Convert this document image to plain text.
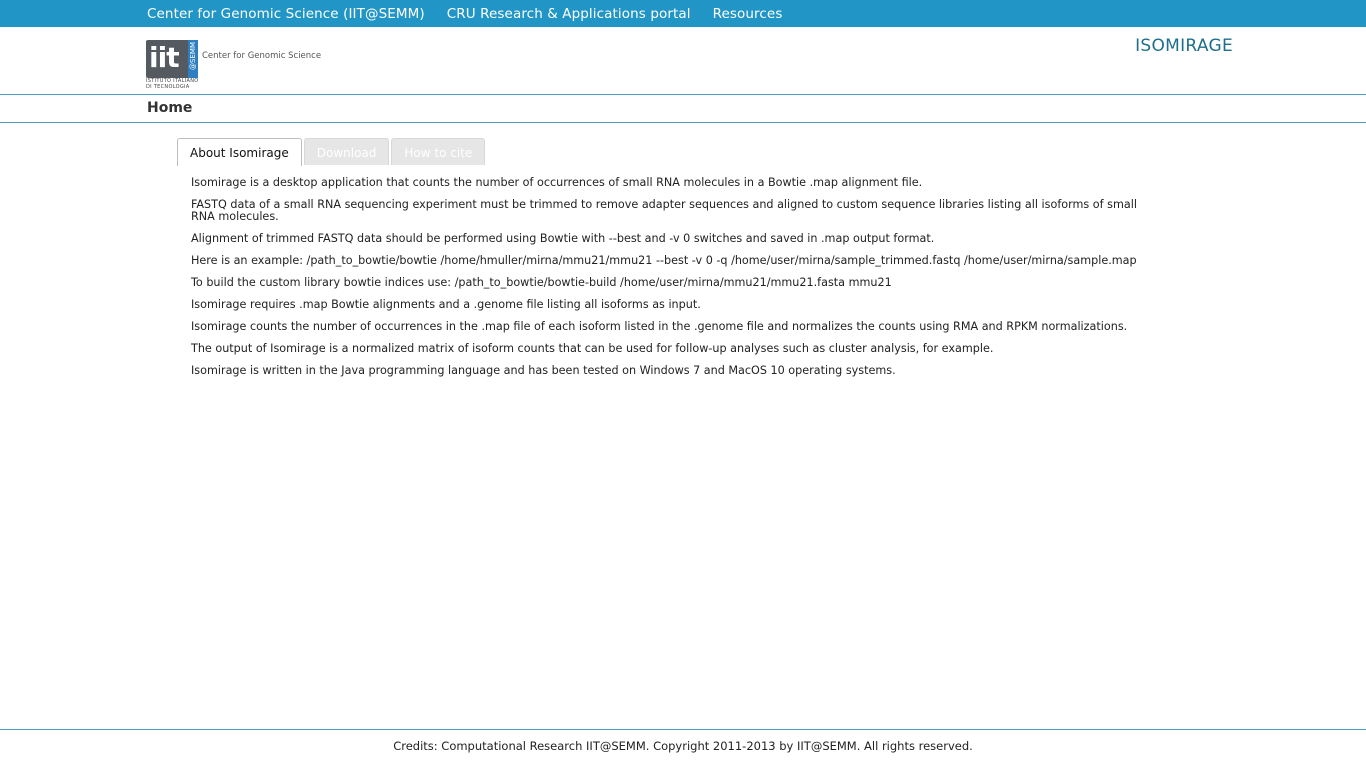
Center for Genomic Science (IIT@SEMM) CRU Research & Applications portal Resources
iit @SEMM
ISTITUTO ITALIANO DI TECNOLOGIA
Center for Genomic Science	ISOMIRAGE
Home
About Isomirage	Download	How to cite

Isomirage is a desktop application that counts the number of occurrences of small RNA molecules in a Bowtie .map alignment file.

FASTQ data of a small RNA sequencing experiment must be trimmed to remove adapter sequences and aligned to custom sequence libraries listing all isoforms of small RNA molecules.

Alignment of trimmed FASTQ data should be performed using Bowtie with --best and -v 0 switches and saved in .map output format.

Here is an example: /path_to_bowtie/bowtie /home/hmuller/mirna/mmu21/mmu21 --best -v 0 -q /home/user/mirna/sample_trimmed.fastq /home/user/mirna/sample.map

To build the custom library bowtie indices use: /path_to_bowtie/bowtie-build /home/user/mirna/mmu21/mmu21.fasta mmu21

Isomirage requires .map Bowtie alignments and a .genome file listing all isoforms as input.

Isomirage counts the number of occurrences in the .map file of each isoform listed in the .genome file and normalizes the counts using RMA and RPKM normalizations.

The output of Isomirage is a normalized matrix of isoform counts that can be used for follow-up analyses such as cluster analysis, for example.

Isomirage is written in the Java programming language and has been tested on Windows 7 and MacOS 10 operating systems.

Credits: Computational Research IIT@SEMM. Copyright 2011-2013 by IIT@SEMM. All rights reserved.
